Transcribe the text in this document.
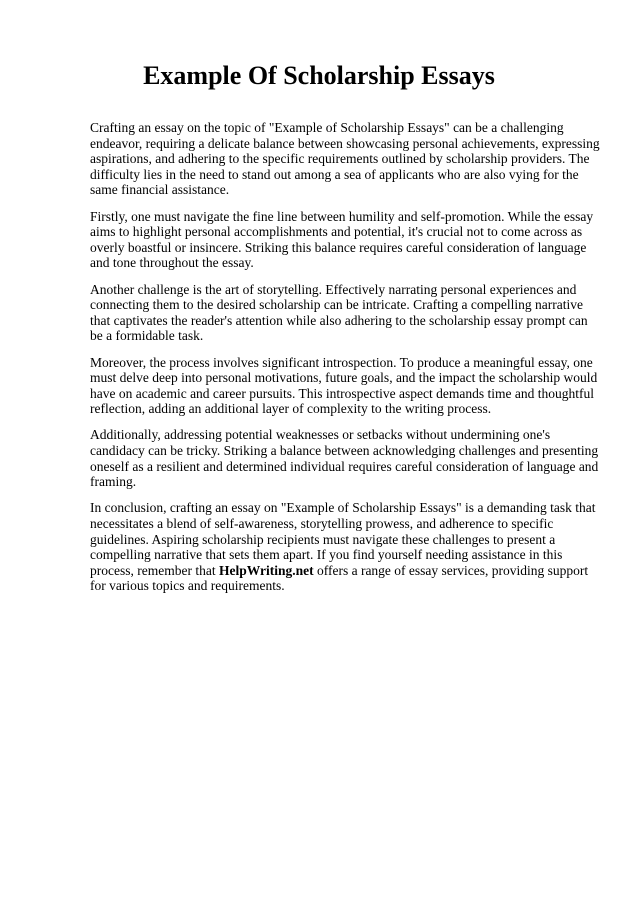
Example Of Scholarship Essays

Crafting an essay on the topic of "Example of Scholarship Essays" can be a challenging endeavor, requiring a delicate balance between showcasing personal achievements, expressing aspirations, and adhering to the specific requirements outlined by scholarship providers. The difficulty lies in the need to stand out among a sea of applicants who are also vying for the same financial assistance.

Firstly, one must navigate the fine line between humility and self-promotion. While the essay aims to highlight personal accomplishments and potential, it's crucial not to come across as overly boastful or insincere. Striking this balance requires careful consideration of language and tone throughout the essay.

Another challenge is the art of storytelling. Effectively narrating personal experiences and connecting them to the desired scholarship can be intricate. Crafting a compelling narrative that captivates the reader's attention while also adhering to the scholarship essay prompt can be a formidable task.

Moreover, the process involves significant introspection. To produce a meaningful essay, one must delve deep into personal motivations, future goals, and the impact the scholarship would have on academic and career pursuits. This introspective aspect demands time and thoughtful reflection, adding an additional layer of complexity to the writing process.

Additionally, addressing potential weaknesses or setbacks without undermining one's candidacy can be tricky. Striking a balance between acknowledging challenges and presenting oneself as a resilient and determined individual requires careful consideration of language and framing.

In conclusion, crafting an essay on "Example of Scholarship Essays" is a demanding task that necessitates a blend of self-awareness, storytelling prowess, and adherence to specific guidelines. Aspiring scholarship recipients must navigate these challenges to present a compelling narrative that sets them apart. If you find yourself needing assistance in this process, remember that HelpWriting.net offers a range of essay services, providing support for various topics and requirements.
